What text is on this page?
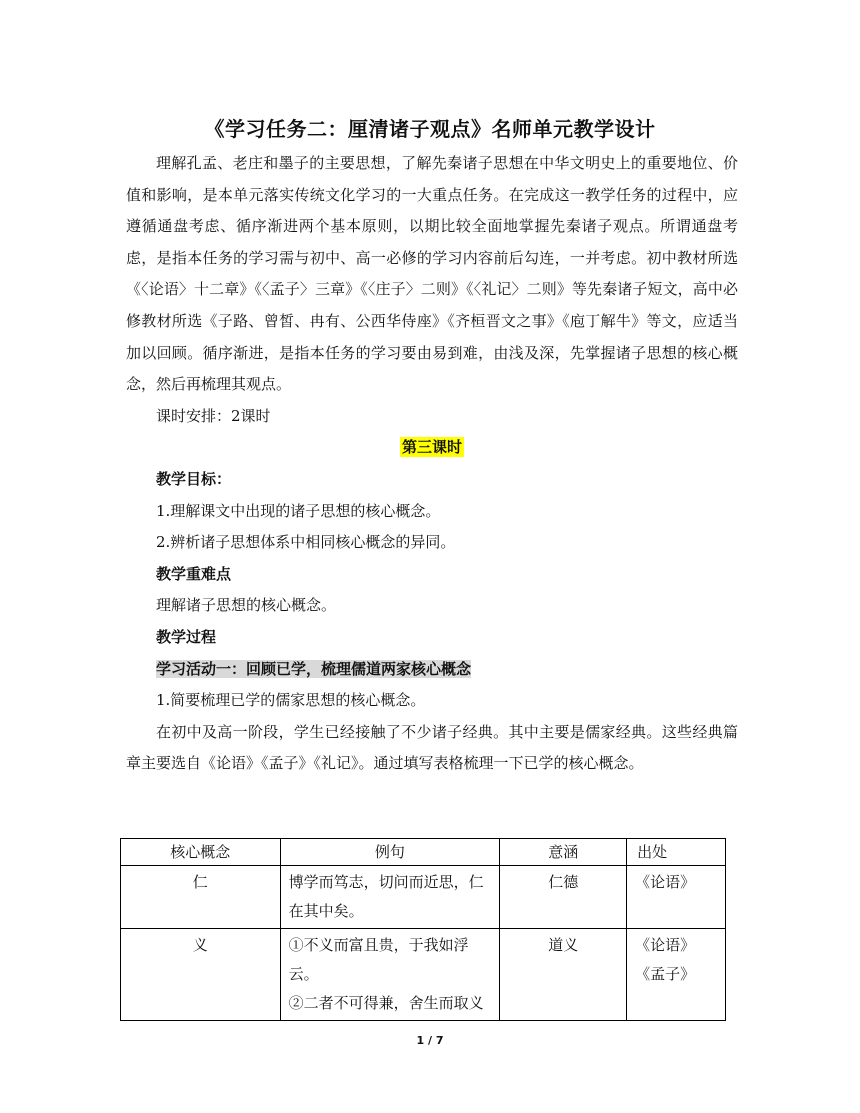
《学习任务二：厘清诸子观点》名师单元教学设计

理解孔孟、老庄和墨子的主要思想，了解先秦诸子思想在中华文明史上的重要地位、价值和影响，是本单元落实传统文化学习的一大重点任务。在完成这一教学任务的过程中，应遵循通盘考虑、循序渐进两个基本原则，以期比较全面地掌握先秦诸子观点。所谓通盘考虑，是指本任务的学习需与初中、高一必修的学习内容前后勾连，一并考虑。初中教材所选《〈论语〉十二章》《〈孟子〉三章》《〈庄子〉二则》《〈礼记〉二则》等先秦诸子短文，高中必修教材所选《子路、曾皙、冉有、公西华侍座》《齐桓晋文之事》《庖丁解牛》等文，应适当加以回顾。循序渐进，是指本任务的学习要由易到难，由浅及深，先掌握诸子思想的核心概念，然后再梳理其观点。

课时安排：2课时

第三课时

教学目标：

1.理解课文中出现的诸子思想的核心概念。

2.辨析诸子思想体系中相同核心概念的异同。

教学重难点

理解诸子思想的核心概念。

教学过程

学习活动一：回顾已学，梳理儒道两家核心概念

1.简要梳理已学的儒家思想的核心概念。

在初中及高一阶段，学生已经接触了不少诸子经典。其中主要是儒家经典。这些经典篇章主要选自《论语》《孟子》《礼记》。通过填写表格梳理一下已学的核心概念。

核心概念	例句	意涵	出处
仁	博学而笃志，切问而近思，仁在其中矣。	仁德	《论语》

义	①不义而富且贵，于我如浮云。
②二者不可得兼，舍生而取义	道义	《论语》
《孟子》
1 / 7
